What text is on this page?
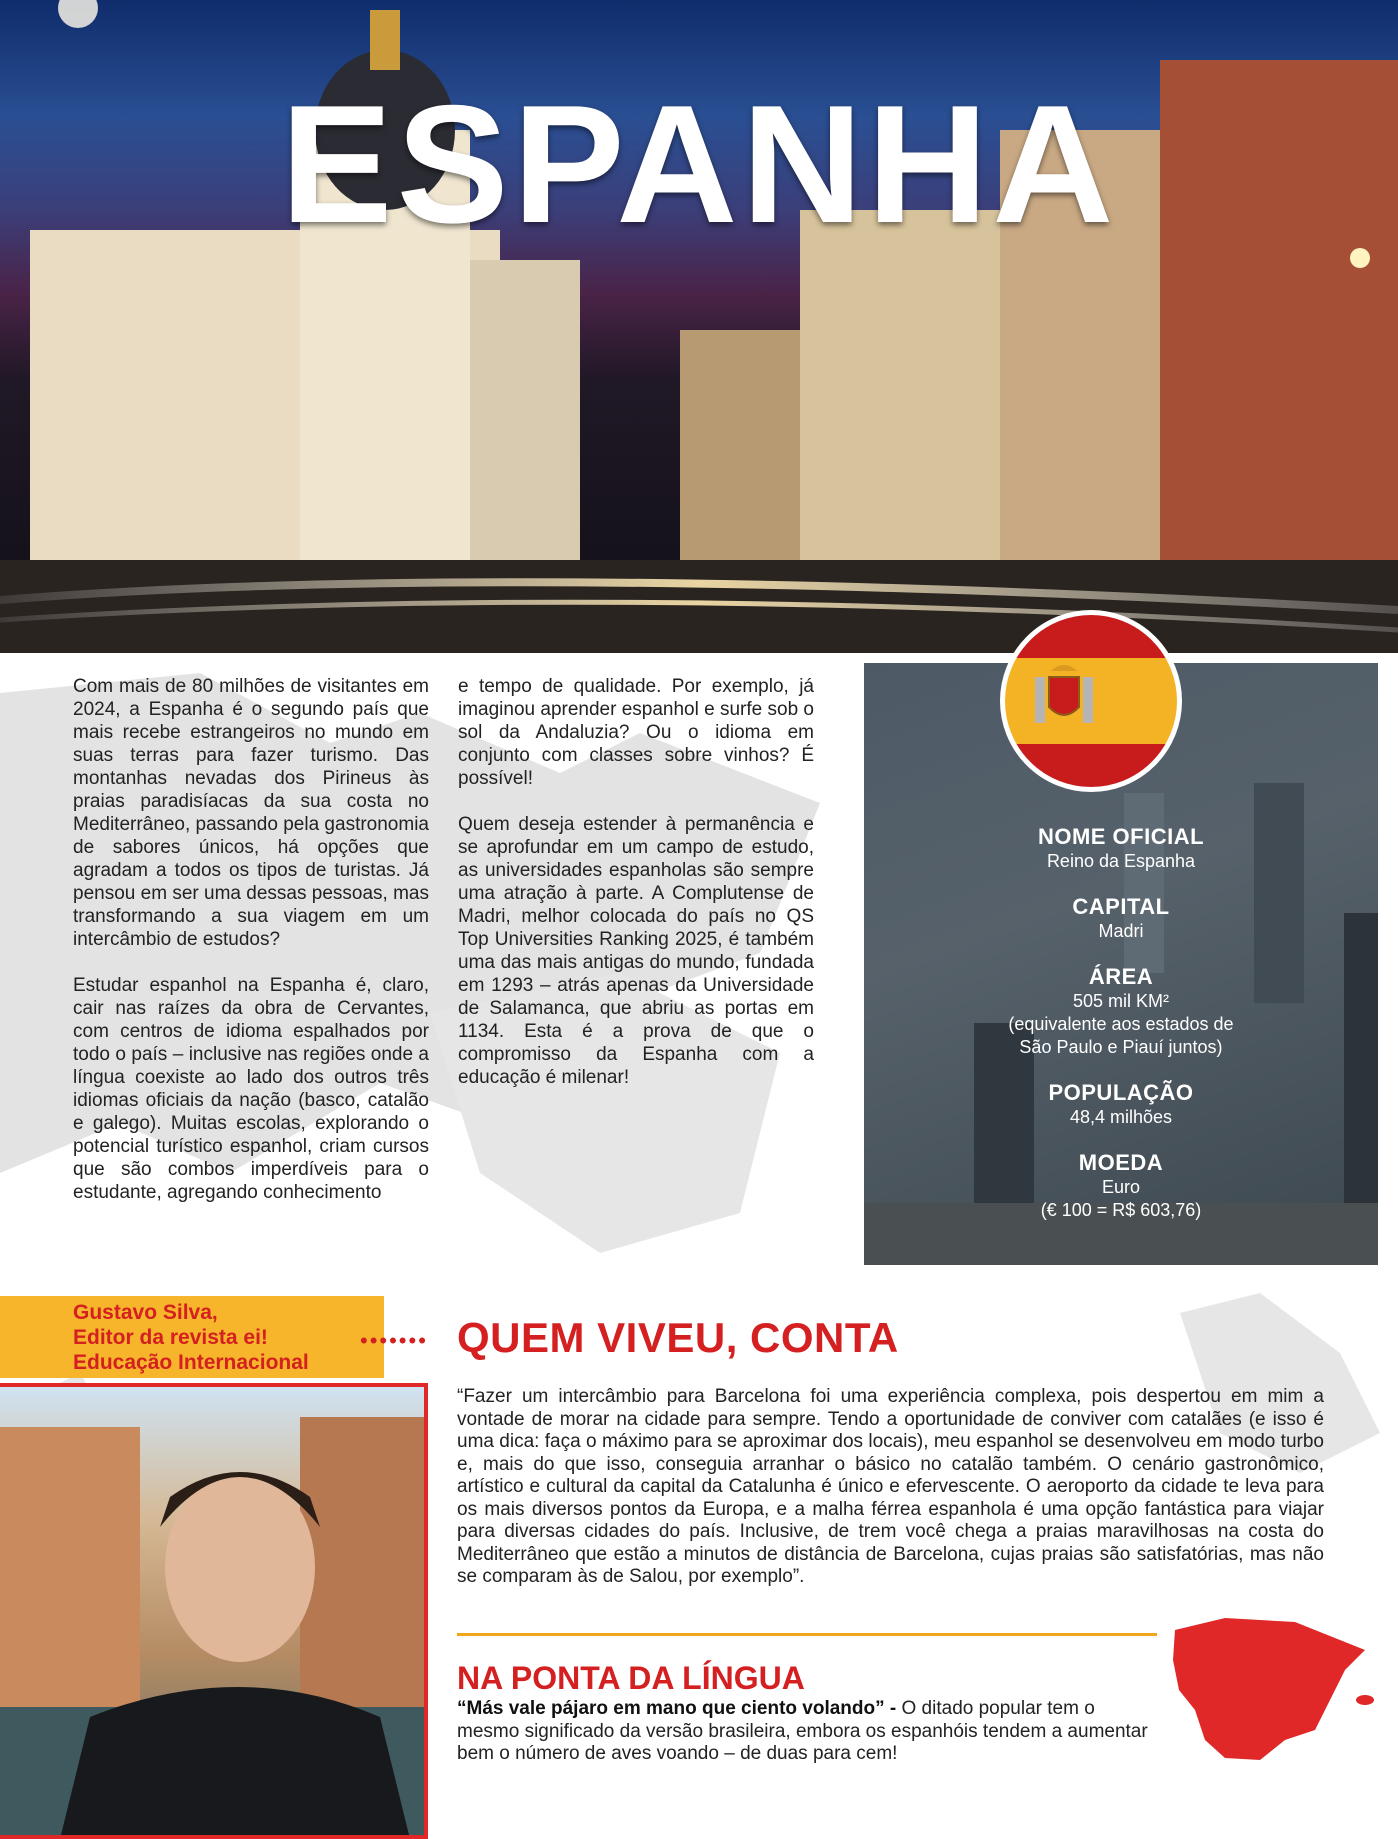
ESPANHA

Com mais de 80 milhões de visitantes em 2024, a Espanha é o segundo país que mais recebe estrangeiros no mundo em suas terras para fazer turismo. Das montanhas nevadas dos Pirineus às praias paradisíacas da sua costa no Mediterrâneo, passando pela gastronomia de sabores únicos, há opções que agradam a todos os tipos de turistas. Já pensou em ser uma dessas pessoas, mas transformando a sua viagem em um intercâmbio de estudos?

Estudar espanhol na Espanha é, claro, cair nas raízes da obra de Cervantes, com centros de idioma espalhados por todo o país – inclusive nas regiões onde a língua coexiste ao lado dos outros três idiomas oficiais da nação (basco, catalão e galego). Muitas escolas, explorando o potencial turístico espanhol, criam cursos que são combos imperdíveis para o estudante, agregando conhecimento

e tempo de qualidade. Por exemplo, já imaginou aprender espanhol e surfe sob o sol da Andaluzia? Ou o idioma em conjunto com classes sobre vinhos? É possível!

Quem deseja estender à permanência e se aprofundar em um campo de estudo, as universidades espanholas são sempre uma atração à parte. A Complutense de Madri, melhor colocada do país no QS Top Universities Ranking 2025, é também uma das mais antigas do mundo, fundada em 1293 – atrás apenas da Universidade de Salamanca, que abriu as portas em 1134. Esta é a prova de que o compromisso da Espanha com a educação é milenar!

NOME OFICIAL
Reino da Espanha
CAPITAL
Madri
ÁREA
505 mil KM²
(equivalente aos estados de
São Paulo e Piauí juntos)
POPULAÇÃO
48,4 milhões
MOEDA
Euro
(€ 100 = R$ 603,76)
Gustavo Silva,
Editor da revista ei!
Educação Internacional
••••••• QUEM VIVEU, CONTA

“Fazer um intercâmbio para Barcelona foi uma experiência complexa, pois despertou em mim a vontade de morar na cidade para sempre. Tendo a oportunidade de conviver com catalães (e isso é uma dica: faça o máximo para se aproximar dos locais), meu espanhol se desenvolveu em modo turbo e, mais do que isso, conseguia arranhar o básico no catalão também. O cenário gastronômico, artístico e cultural da capital da Catalunha é único e efervescente. O aeroporto da cidade te leva para os mais diversos pontos da Europa, e a malha férrea espanhola é uma opção fantástica para viajar para diversas cidades do país. Inclusive, de trem você chega a praias maravilhosas na costa do Mediterrâneo que estão a minutos de distância de Barcelona, cujas praias são satisfatórias, mas não se comparam às de Salou, por exemplo”.

NA PONTA DA LÍNGUA

“Más vale pájaro em mano que ciento volando” - O ditado popular tem o mesmo significado da versão brasileira, embora os espanhóis tendem a aumentar bem o número de aves voando – de duas para cem!
